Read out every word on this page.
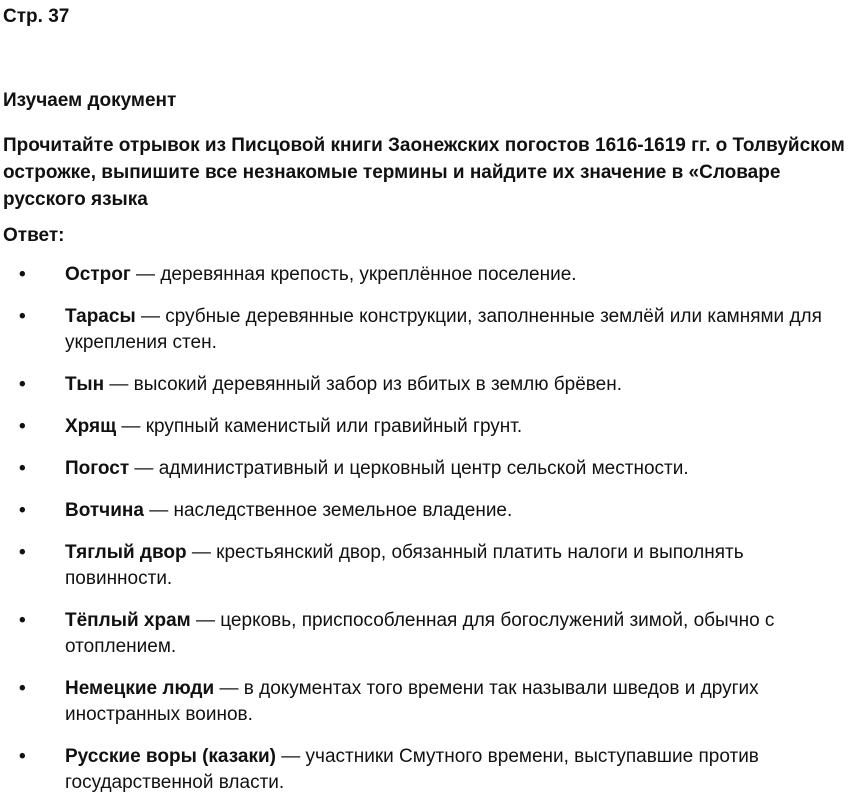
Стр. 37
Изучаем документ
Прочитайте отрывок из Писцовой книги Заонежских погостов 1616-1619 гг. о Толвуйском острожке, выпишите все незнакомые термины и найдите их значение в «Словаре русского языка
Ответ:
• Острог — деревянная крепость, укреплённое поселение.
• Тарасы — срубные деревянные конструкции, заполненные землёй или камнями для укрепления стен.
• Тын — высокий деревянный забор из вбитых в землю брёвен.
• Хрящ — крупный каменистый или гравийный грунт.
• Погост — административный и церковный центр сельской местности.
• Вотчина — наследственное земельное владение.
• Тяглый двор — крестьянский двор, обязанный платить налоги и выполнять повинности.
• Тёплый храм — церковь, приспособленная для богослужений зимой, обычно с отоплением.
• Немецкие люди — в документах того времени так называли шведов и других иностранных воинов.
• Русские воры (казаки) — участники Смутного времени, выступавшие против государственной власти.
